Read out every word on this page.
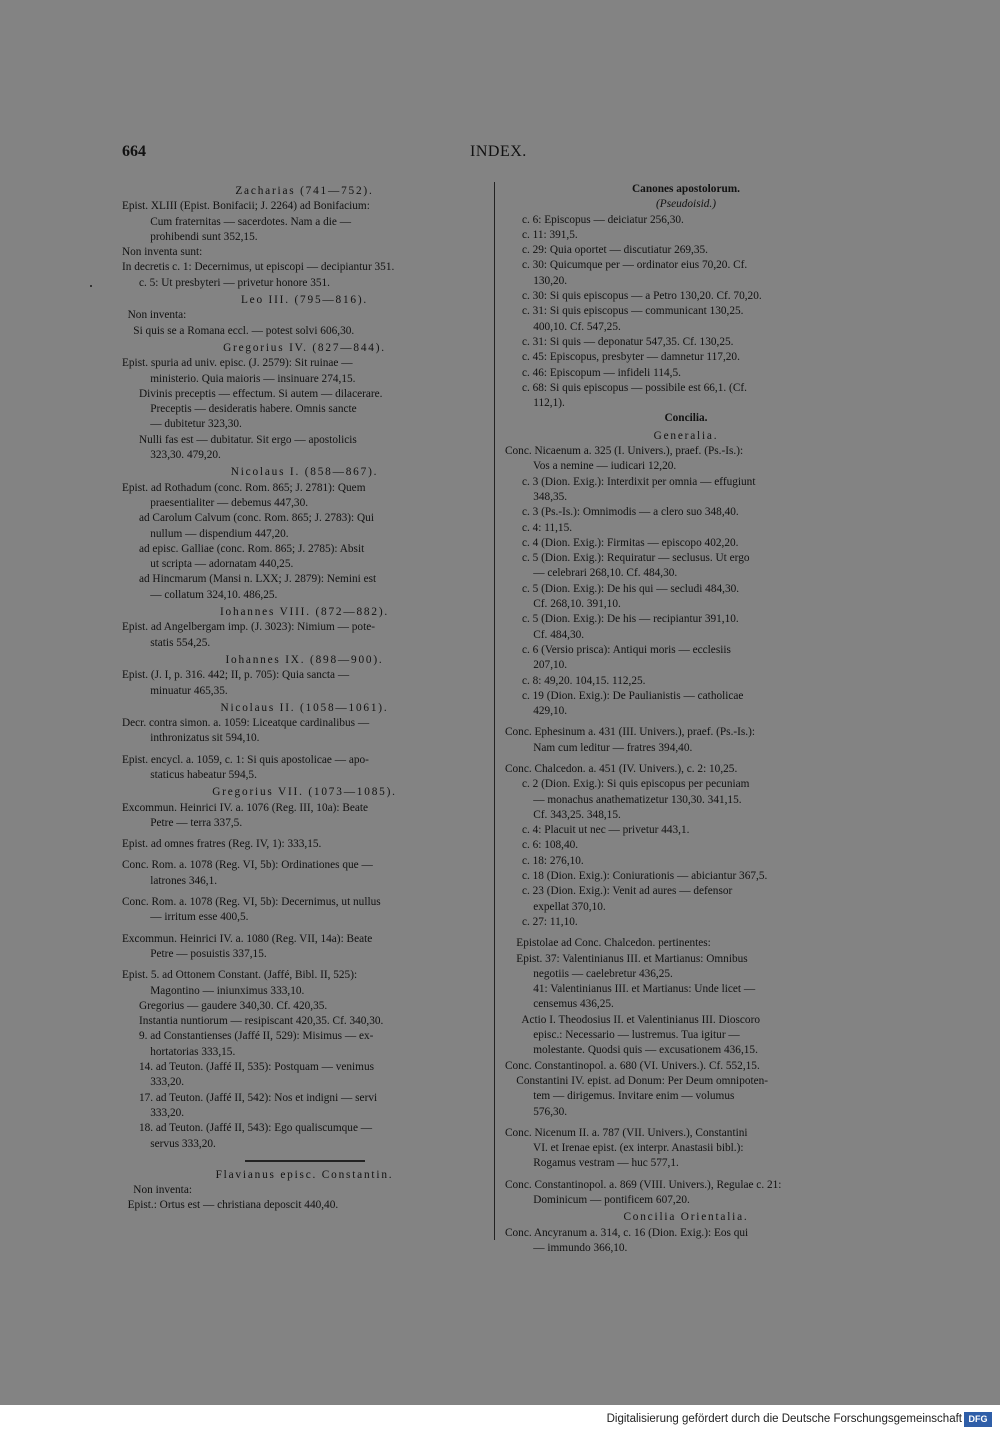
664	INDEX.
Zacharias (741—752).
Epist. XLIII (Epist. Bonifacii; J. 2264) ad Bonifacium:
Cum fraternitas — sacerdotes. Nam a die —
prohibendi sunt 352,15.
Non inventa sunt:
In decretis c. 1: Decernimus, ut episcopi — decipiantur 351.
c. 5: Ut presbyteri — privetur honore 351.
Leo III. (795—816).
Non inventa:
Si quis se a Romana eccl. — potest solvi 606,30.
Gregorius IV. (827—844).
Epist. spuria ad univ. episc. (J. 2579): Sit ruinae —
ministerio. Quia maioris — insinuare 274,15.
Divinis preceptis — effectum. Si autem — dilacerare.
Preceptis — desideratis habere. Omnis sancte
— dubitetur 323,30.
Nulli fas est — dubitatur. Sit ergo — apostolicis
323,30. 479,20.
Nicolaus I. (858—867).
Epist. ad Rothadum (conc. Rom. 865; J. 2781): Quem
praesentialiter — debemus 447,30.
ad Carolum Calvum (conc. Rom. 865; J. 2783): Qui
nullum — dispendium 447,20.
ad episc. Galliae (conc. Rom. 865; J. 2785): Absit
ut scripta — adornatam 440,25.
ad Hincmarum (Mansi n. LXX; J. 2879): Nemini est
— collatum 324,10. 486,25.
Iohannes VIII. (872—882).
Epist. ad Angelbergam imp. (J. 3023): Nimium — pote-
statis 554,25.
Iohannes IX. (898—900).
Epist. (J. I, p. 316. 442; II, p. 705): Quia sancta —
minuatur 465,35.
Nicolaus II. (1058—1061).
Decr. contra simon. a. 1059: Liceatque cardinalibus —
inthronizatus sit 594,10.
Epist. encycl. a. 1059, c. 1: Si quis apostolicae — apo-
staticus habeatur 594,5.
Gregorius VII. (1073—1085).
Excommun. Heinrici IV. a. 1076 (Reg. III, 10a): Beate
Petre — terra 337,5.
Epist. ad omnes fratres (Reg. IV, 1): 333,15.
Conc. Rom. a. 1078 (Reg. VI, 5b): Ordinationes que —
latrones 346,1.
Conc. Rom. a. 1078 (Reg. VI, 5b): Decernimus, ut nullus
— irritum esse 400,5.
Excommun. Heinrici IV. a. 1080 (Reg. VII, 14a): Beate
Petre — posuistis 337,15.
Epist. 5. ad Ottonem Constant. (Jaffé, Bibl. II, 525):
Magontino — iniunximus 333,10.
Gregorius — gaudere 340,30. Cf. 420,35.
Instantia nuntiorum — resipiscant 420,35. Cf. 340,30.
9. ad Constantienses (Jaffé II, 529): Misimus — ex-
hortatorias 333,15.
14. ad Teuton. (Jaffé II, 535): Postquam — venimus
333,20.
17. ad Teuton. (Jaffé II, 542): Nos et indigni — servi
333,20.
18. ad Teuton. (Jaffé II, 543): Ego qualiscumque —
servus 333,20.
Flavianus episc. Constantin.
Non inventa:
Epist.: Ortus est — christiana deposcit 440,40.
Canones apostolorum.
(Pseudoisid.)
c. 6: Episcopus — deiciatur 256,30.
c. 11: 391,5.
c. 29: Quia oportet — discutiatur 269,35.
c. 30: Quicumque per — ordinator eius 70,20. Cf.
130,20.
c. 30: Si quis episcopus — a Petro 130,20. Cf. 70,20.
c. 31: Si quis episcopus — communicant 130,25.
400,10. Cf. 547,25.
c. 31: Si quis — deponatur 547,35. Cf. 130,25.
c. 45: Episcopus, presbyter — damnetur 117,20.
c. 46: Episcopum — infideli 114,5.
c. 68: Si quis episcopus — possibile est 66,1. (Cf.
112,1).
Concilia.
Generalia.
Conc. Nicaenum a. 325 (I. Univers.), praef. (Ps.-Is.):
Vos a nemine — iudicari 12,20.
c. 3 (Dion. Exig.): Interdixit per omnia — effugiunt
348,35.
c. 3 (Ps.-Is.): Omnimodis — a clero suo 348,40.
c. 4: 11,15.
c. 4 (Dion. Exig.): Firmitas — episcopo 402,20.
c. 5 (Dion. Exig.): Requiratur — seclusus. Ut ergo
— celebrari 268,10. Cf. 484,30.
c. 5 (Dion. Exig.): De his qui — secludi 484,30.
Cf. 268,10. 391,10.
c. 5 (Dion. Exig.): De his — recipiantur 391,10.
Cf. 484,30.
c. 6 (Versio prisca): Antiqui moris — ecclesiis
207,10.
c. 8: 49,20. 104,15. 112,25.
c. 19 (Dion. Exig.): De Paulianistis — catholicae
429,10.
Conc. Ephesinum a. 431 (III. Univers.), praef. (Ps.-Is.):
Nam cum leditur — fratres 394,40.
Conc. Chalcedon. a. 451 (IV. Univers.), c. 2: 10,25.
c. 2 (Dion. Exig.): Si quis episcopus per pecuniam
— monachus anathematizetur 130,30. 341,15.
Cf. 343,25. 348,15.
c. 4: Placuit ut nec — privetur 443,1.
c. 6: 108,40.
c. 18: 276,10.
c. 18 (Dion. Exig.): Coniurationis — abiciantur 367,5.
c. 23 (Dion. Exig.): Venit ad aures — defensor
expellat 370,10.
c. 27: 11,10.
Epistolae ad Conc. Chalcedon. pertinentes:
Epist. 37: Valentinianus III. et Martianus: Omnibus
negotiis — caelebretur 436,25.
41: Valentinianus III. et Martianus: Unde licet —
censemus 436,25.
Actio I. Theodosius II. et Valentinianus III. Dioscoro
episc.: Necessario — lustremus. Tua igitur —
molestante. Quodsi quis — excusationem 436,15.
Conc. Constantinopol. a. 680 (VI. Univers.). Cf. 552,15.
Constantini IV. epist. ad Donum: Per Deum omnipoten-
tem — dirigemus. Invitare enim — volumus
576,30.
Conc. Nicenum II. a. 787 (VII. Univers.), Constantini
VI. et Irenae epist. (ex interpr. Anastasii bibl.):
Rogamus vestram — huc 577,1.
Conc. Constantinopol. a. 869 (VIII. Univers.), Regulae c. 21:
Dominicum — pontificem 607,20.
Concilia Orientalia.
Conc. Ancyranum a. 314, c. 16 (Dion. Exig.): Eos qui
— immundo 366,10.
Digitalisierung gefördert durch die Deutsche Forschungsgemeinschaft DFG
